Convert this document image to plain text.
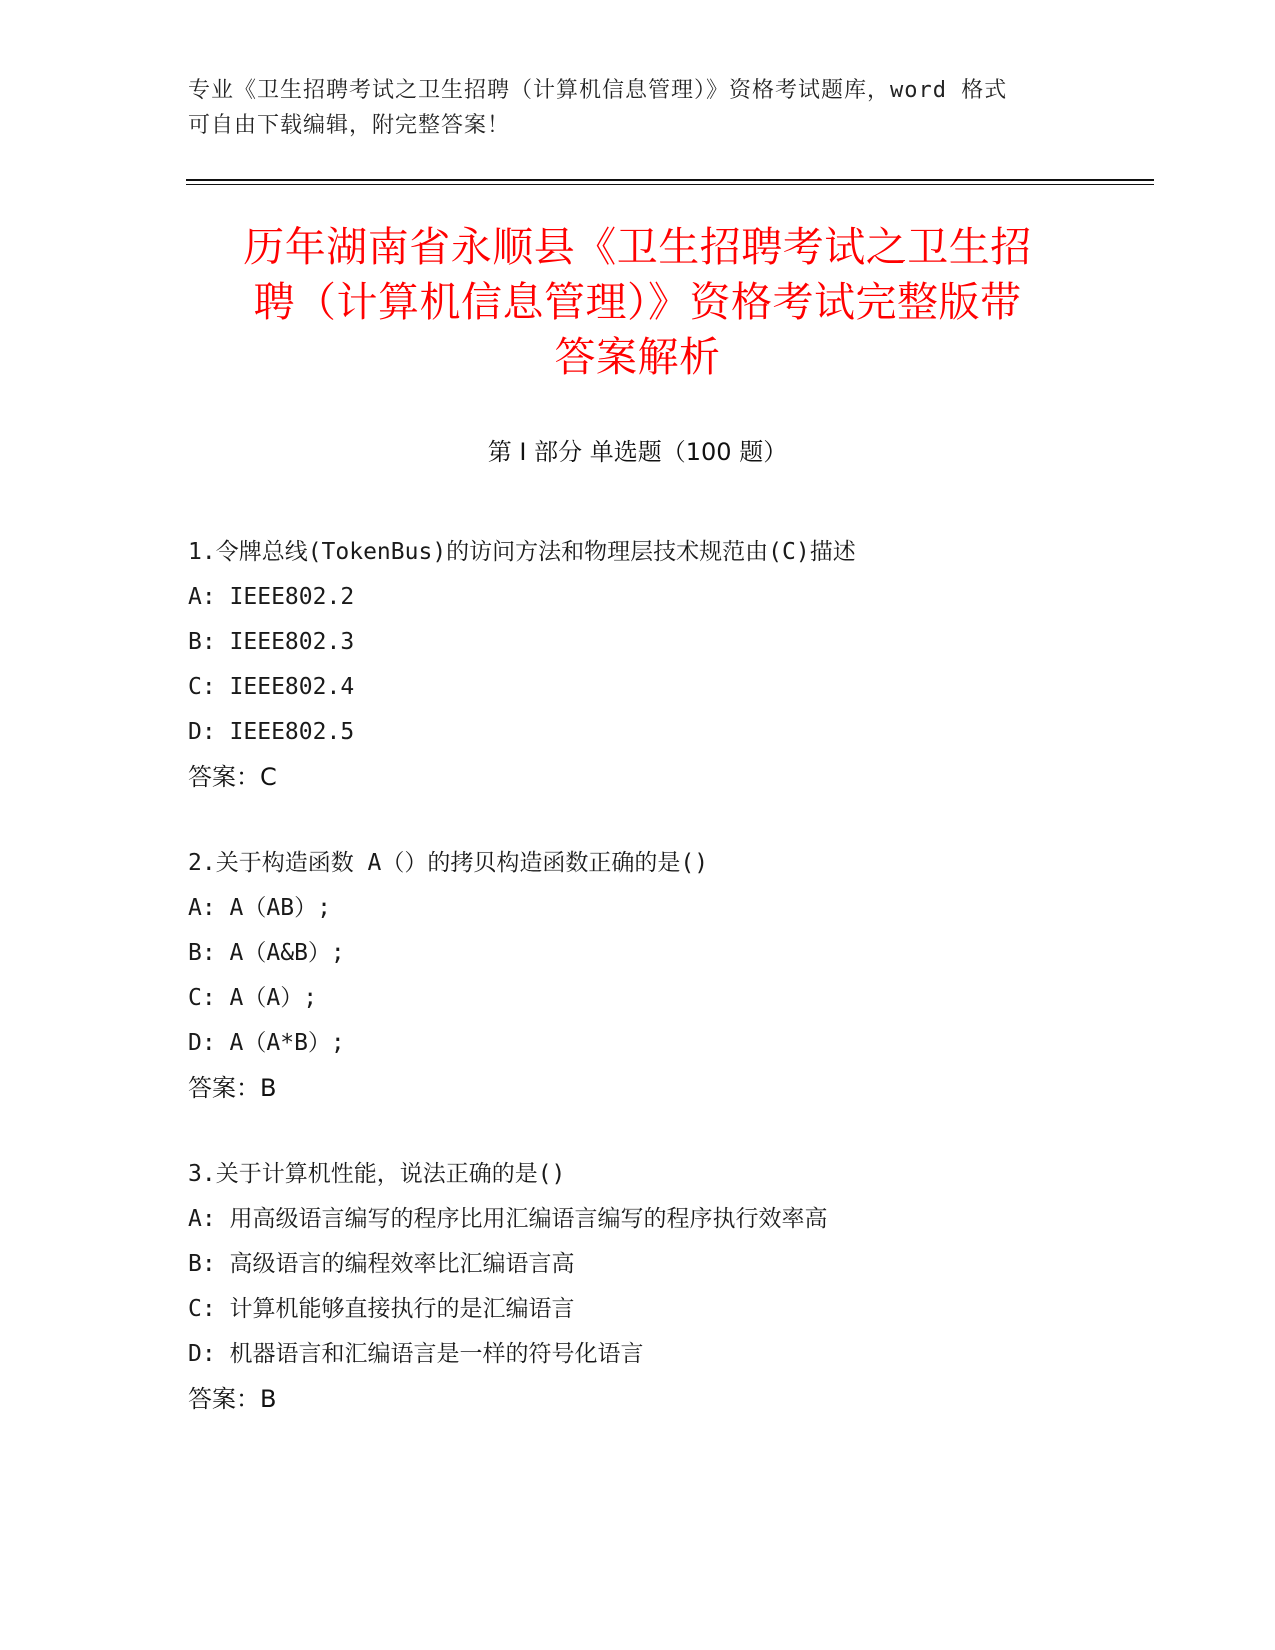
专业《卫生招聘考试之卫生招聘（计算机信息管理）》资格考试题库，word 格式
可自由下载编辑，附完整答案！
历年湖南省永顺县《卫生招聘考试之卫生招
聘（计算机信息管理）》资格考试完整版带
答案解析
第 I 部分 单选题（100 题）
1.令牌总线(TokenBus)的访问方法和物理层技术规范由(C)描述
A: IEEE802.2
B: IEEE802.3
C: IEEE802.4
D: IEEE802.5
答案：C
2.关于构造函数 A（）的拷贝构造函数正确的是()
A: A（AB）;
B: A（A&B）;
C: A（A）;
D: A（A*B）;
答案：B
3.关于计算机性能，说法正确的是()
A: 用高级语言编写的程序比用汇编语言编写的程序执行效率高
B: 高级语言的编程效率比汇编语言高
C: 计算机能够直接执行的是汇编语言
D: 机器语言和汇编语言是一样的符号化语言
答案：B
